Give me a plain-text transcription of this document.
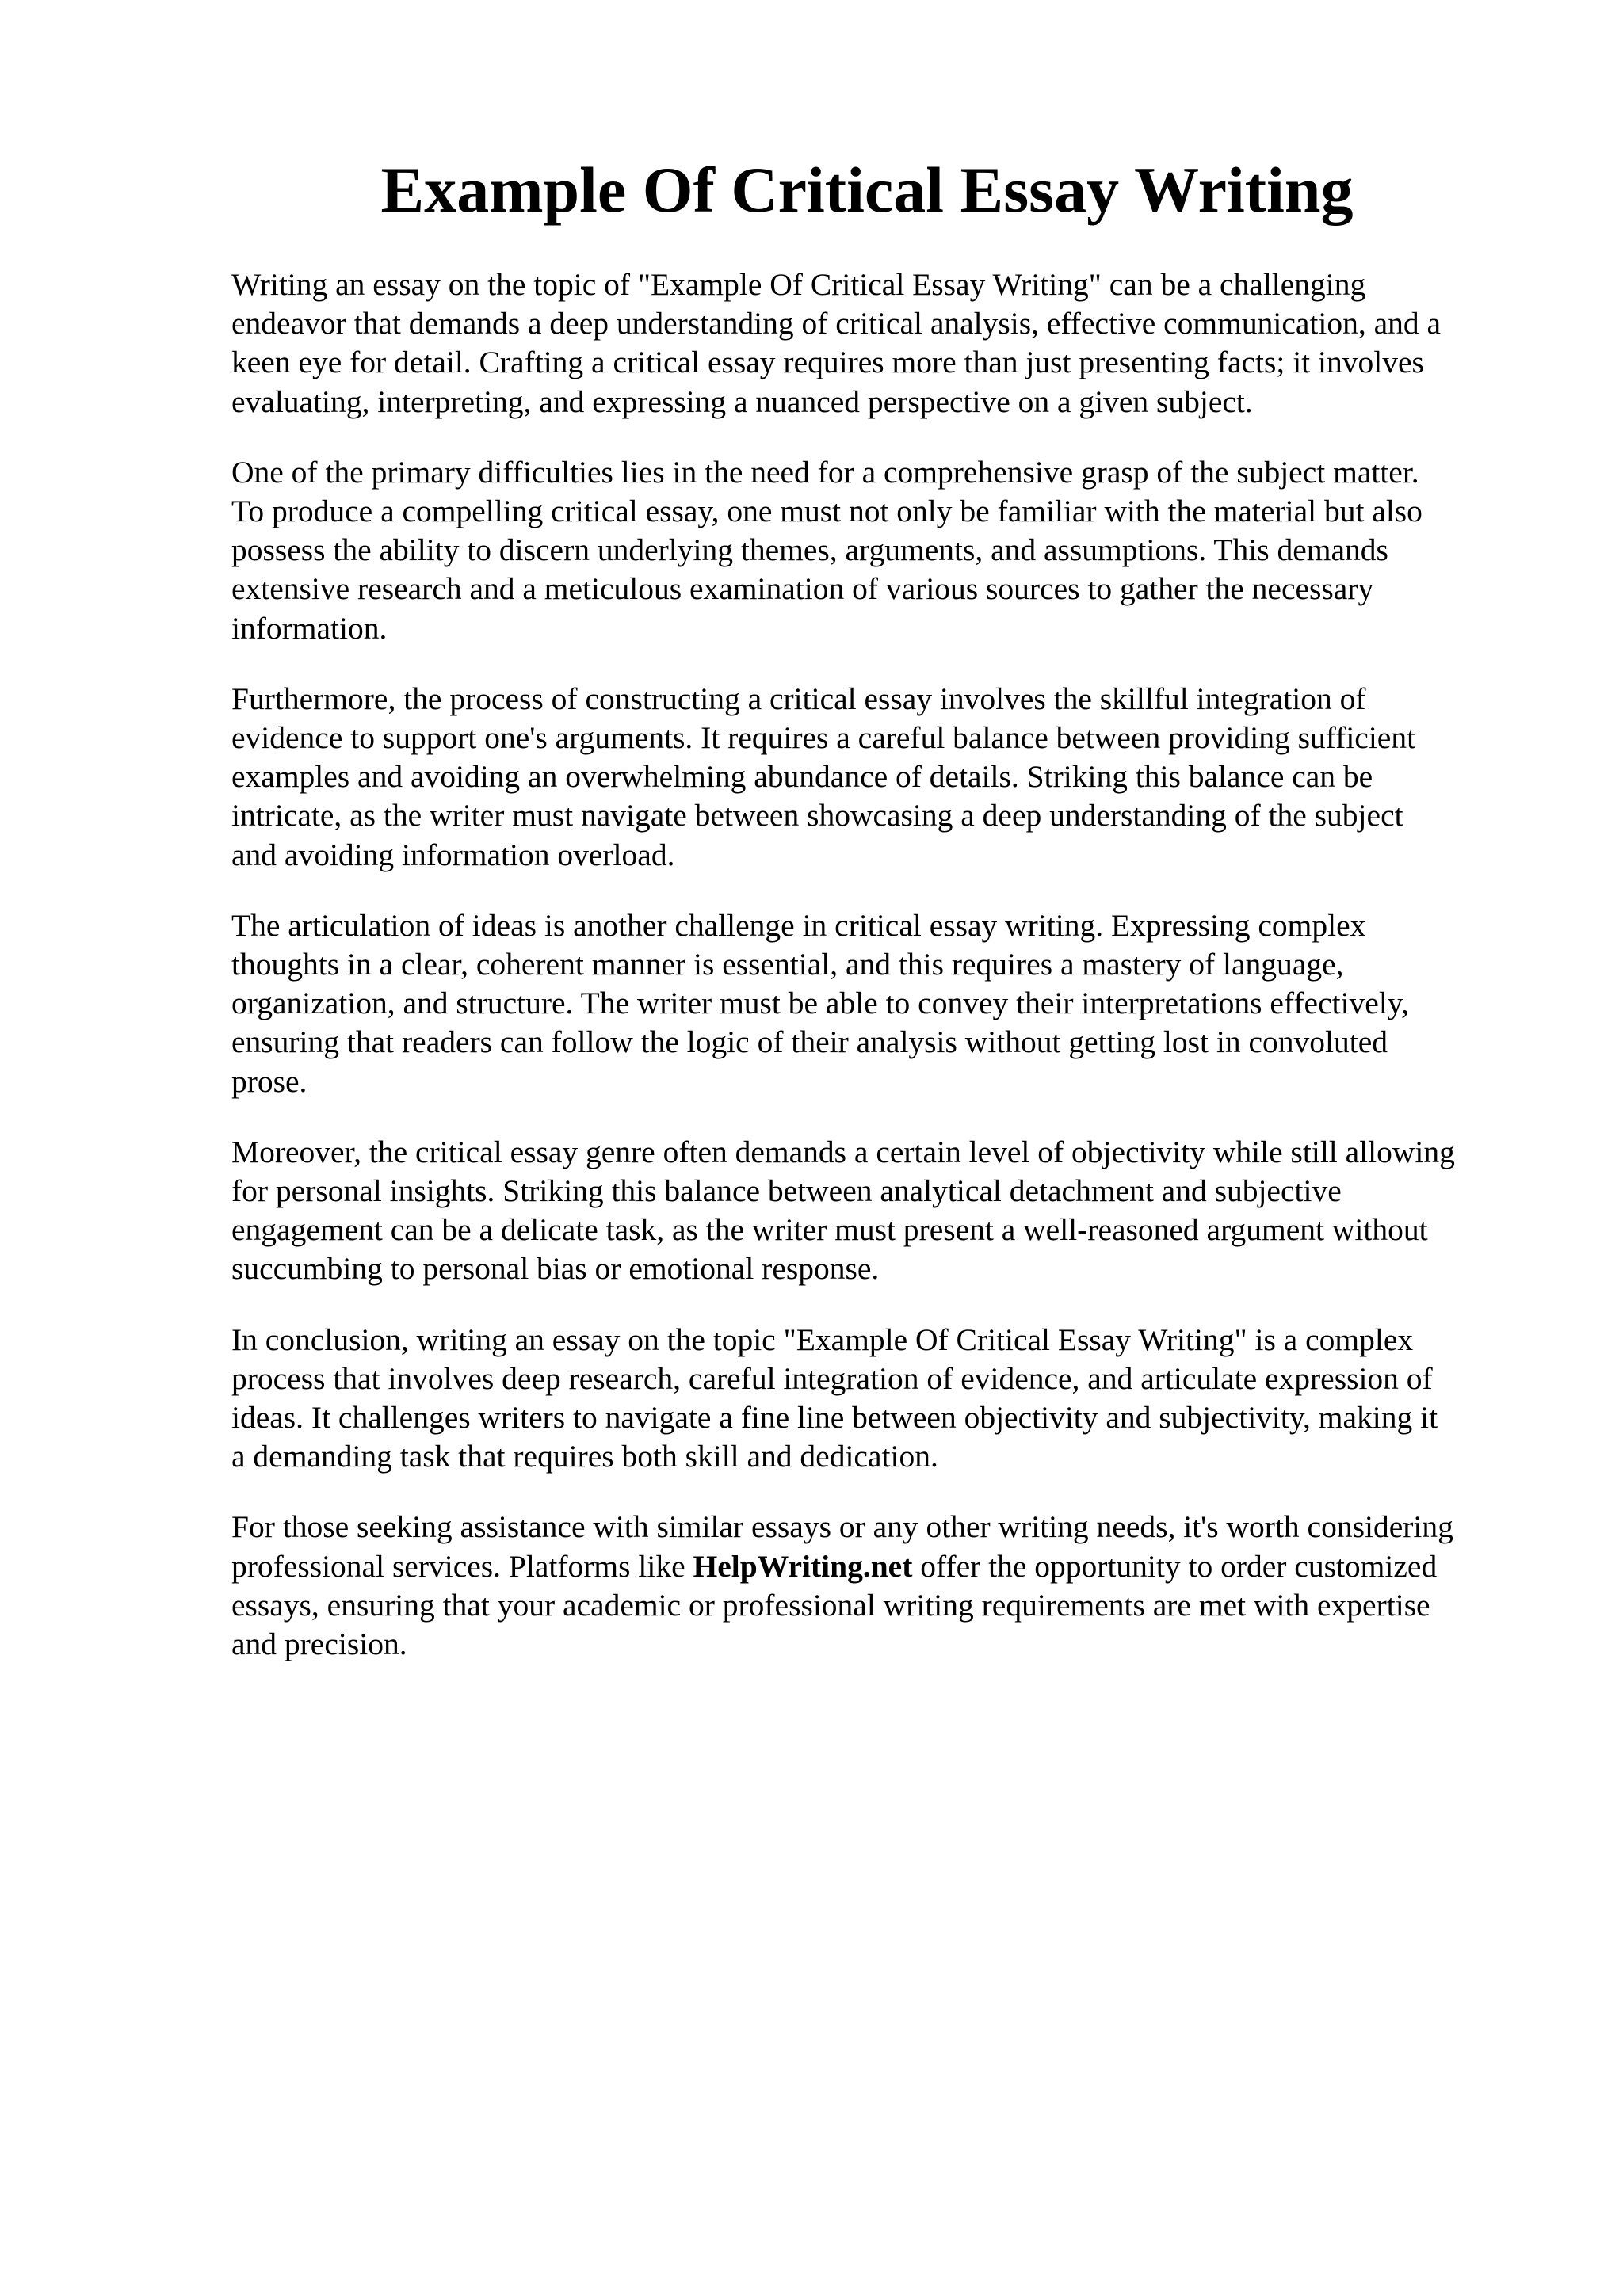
Example Of Critical Essay Writing

Writing an essay on the topic of "Example Of Critical Essay Writing" can be a challenging
endeavor that demands a deep understanding of critical analysis, effective communication, and a
keen eye for detail. Crafting a critical essay requires more than just presenting facts; it involves
evaluating, interpreting, and expressing a nuanced perspective on a given subject.

One of the primary difficulties lies in the need for a comprehensive grasp of the subject matter.
To produce a compelling critical essay, one must not only be familiar with the material but also
possess the ability to discern underlying themes, arguments, and assumptions. This demands
extensive research and a meticulous examination of various sources to gather the necessary
information.

Furthermore, the process of constructing a critical essay involves the skillful integration of
evidence to support one's arguments. It requires a careful balance between providing sufficient
examples and avoiding an overwhelming abundance of details. Striking this balance can be
intricate, as the writer must navigate between showcasing a deep understanding of the subject
and avoiding information overload.

The articulation of ideas is another challenge in critical essay writing. Expressing complex
thoughts in a clear, coherent manner is essential, and this requires a mastery of language,
organization, and structure. The writer must be able to convey their interpretations effectively,
ensuring that readers can follow the logic of their analysis without getting lost in convoluted
prose.

Moreover, the critical essay genre often demands a certain level of objectivity while still allowing
for personal insights. Striking this balance between analytical detachment and subjective
engagement can be a delicate task, as the writer must present a well-reasoned argument without
succumbing to personal bias or emotional response.

In conclusion, writing an essay on the topic "Example Of Critical Essay Writing" is a complex
process that involves deep research, careful integration of evidence, and articulate expression of
ideas. It challenges writers to navigate a fine line between objectivity and subjectivity, making it
a demanding task that requires both skill and dedication.

For those seeking assistance with similar essays or any other writing needs, it's worth considering
professional services. Platforms like HelpWriting.net offer the opportunity to order customized
essays, ensuring that your academic or professional writing requirements are met with expertise
and precision.
